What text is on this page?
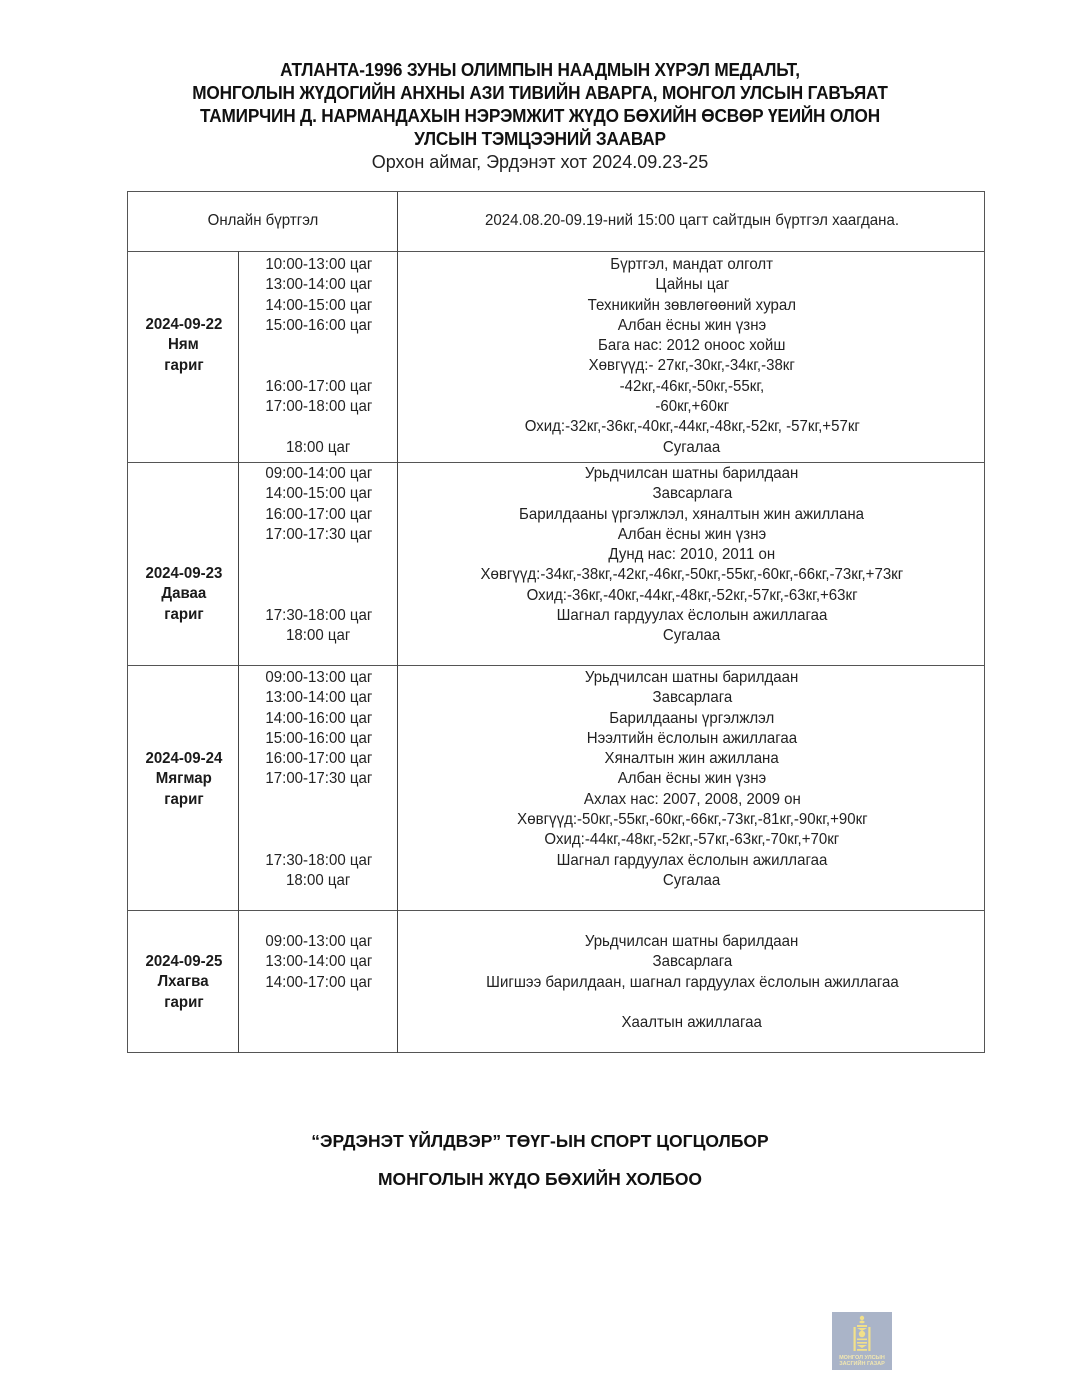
АТЛАНТА-1996 ЗУНЫ ОЛИМПЫН НААДМЫН ХҮРЭЛ МЕДАЛЬТ,
МОНГОЛЫН ЖҮДОГИЙН АНХНЫ АЗИ ТИВИЙН АВАРГА, МОНГОЛ УЛСЫН ГАВЪЯАТ
ТАМИРЧИН Д. НАРМАНДАХЫН НЭРЭМЖИТ ЖҮДО БӨХИЙН ӨСВӨР ҮЕИЙН ОЛОН
УЛСЫН ТЭМЦЭЭНИЙ ЗААВАР
Орхон аймаг, Эрдэнэт хот 2024.09.23-25
Онлайн бүртгэл	2024.08.20-09.19-ний 15:00 цагт сайтдын бүртгэл хаагдана.
2024-09-22
Ням
гариг
10:00-13:00 цаг
13:00-14:00 цаг
14:00-15:00 цаг
15:00-16:00 цаг
16:00-17:00 цаг
17:00-18:00 цаг
18:00 цаг
Бүртгэл, мандат олголт
Цайны цаг
Техникийн зөвлөгөөний хурал
Албан ёсны жин үзнэ
Бага нас: 2012 оноос хойш
Хөвгүүд:- 27кг,-30кг,-34кг,-38кг
-42кг,-46кг,-50кг,-55кг,
-60кг,+60кг
Охид:-32кг,-36кг,-40кг,-44кг,-48кг,-52кг, -57кг,+57кг
Сугалаа
2024-09-23
Даваа
гариг
09:00-14:00 цаг
14:00-15:00 цаг
16:00-17:00 цаг
17:00-17:30 цаг
17:30-18:00 цаг
18:00 цаг
Урьдчилсан шатны барилдаан
Завсарлага
Барилдааны үргэлжлэл, хяналтын жин ажиллана
Албан ёсны жин үзнэ
Дунд нас: 2010, 2011 он
Хөвгүүд:-34кг,-38кг,-42кг,-46кг,-50кг,-55кг,-60кг,-66кг,-73кг,+73кг
Охид:-36кг,-40кг,-44кг,-48кг,-52кг,-57кг,-63кг,+63кг
Шагнал гардуулах ёслолын ажиллагаа
Сугалаа
2024-09-24
Мягмар
гариг
09:00-13:00 цаг
13:00-14:00 цаг
14:00-16:00 цаг
15:00-16:00 цаг
16:00-17:00 цаг
17:00-17:30 цаг
17:30-18:00 цаг
18:00 цаг
Урьдчилсан шатны барилдаан
Завсарлага
Барилдааны үргэлжлэл
Нээлтийн ёслолын ажиллагаа
Хяналтын жин ажиллана
Албан ёсны жин үзнэ
Ахлах нас: 2007, 2008, 2009 он
Хөвгүүд:-50кг,-55кг,-60кг,-66кг,-73кг,-81кг,-90кг,+90кг
Охид:-44кг,-48кг,-52кг,-57кг,-63кг,-70кг,+70кг
Шагнал гардуулах ёслолын ажиллагаа
Сугалаа
2024-09-25
Лхагва
гариг
09:00-13:00 цаг
13:00-14:00 цаг
14:00-17:00 цаг
Урьдчилсан шатны барилдаан
Завсарлага
Шигшээ барилдаан, шагнал гардуулах ёслолын ажиллагаа
Хаалтын ажиллагаа
“ЭРДЭНЭТ ҮЙЛДВЭР” ТӨҮГ-ЫН СПОРТ ЦОГЦОЛБОР
МОНГОЛЫН ЖҮДО БӨХИЙН ХОЛБОО
МОНГОЛ УЛСЫН
ЗАСГИЙН ГАЗАР
